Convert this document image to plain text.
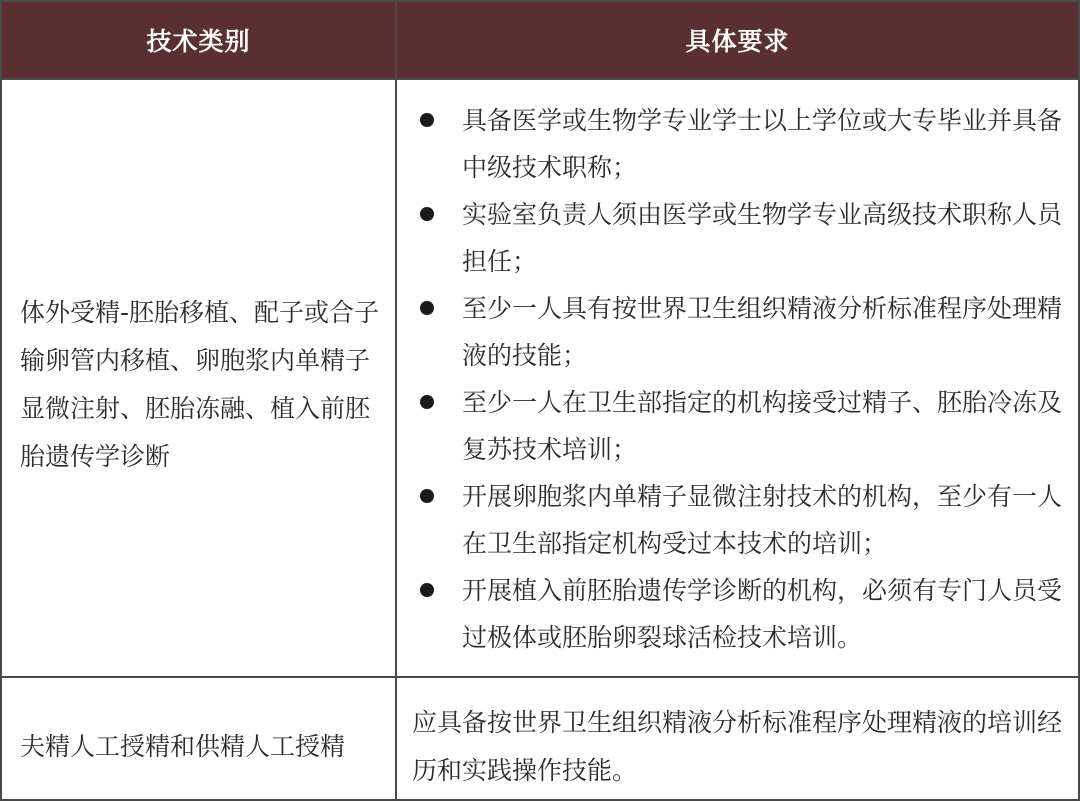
技术类别	具体要求
体外受精-胚胎移植、配子或合子输卵管内移植、卵胞浆内单精子显微注射、胚胎冻融、植入前胚胎遗传学诊断
具备医学或生物学专业学士以上学位或大专毕业并具备中级技术职称；
实验室负责人须由医学或生物学专业高级技术职称人员担任；
至少一人具有按世界卫生组织精液分析标准程序处理精液的技能；
至少一人在卫生部指定的机构接受过精子、胚胎冷冻及复苏技术培训；
开展卵胞浆内单精子显微注射技术的机构，至少有一人在卫生部指定机构受过本技术的培训；
开展植入前胚胎遗传学诊断的机构，必须有专门人员受过极体或胚胎卵裂球活检技术培训。
夫精人工授精和供精人工授精
应具备按世界卫生组织精液分析标准程序处理精液的培训经历和实践操作技能。
